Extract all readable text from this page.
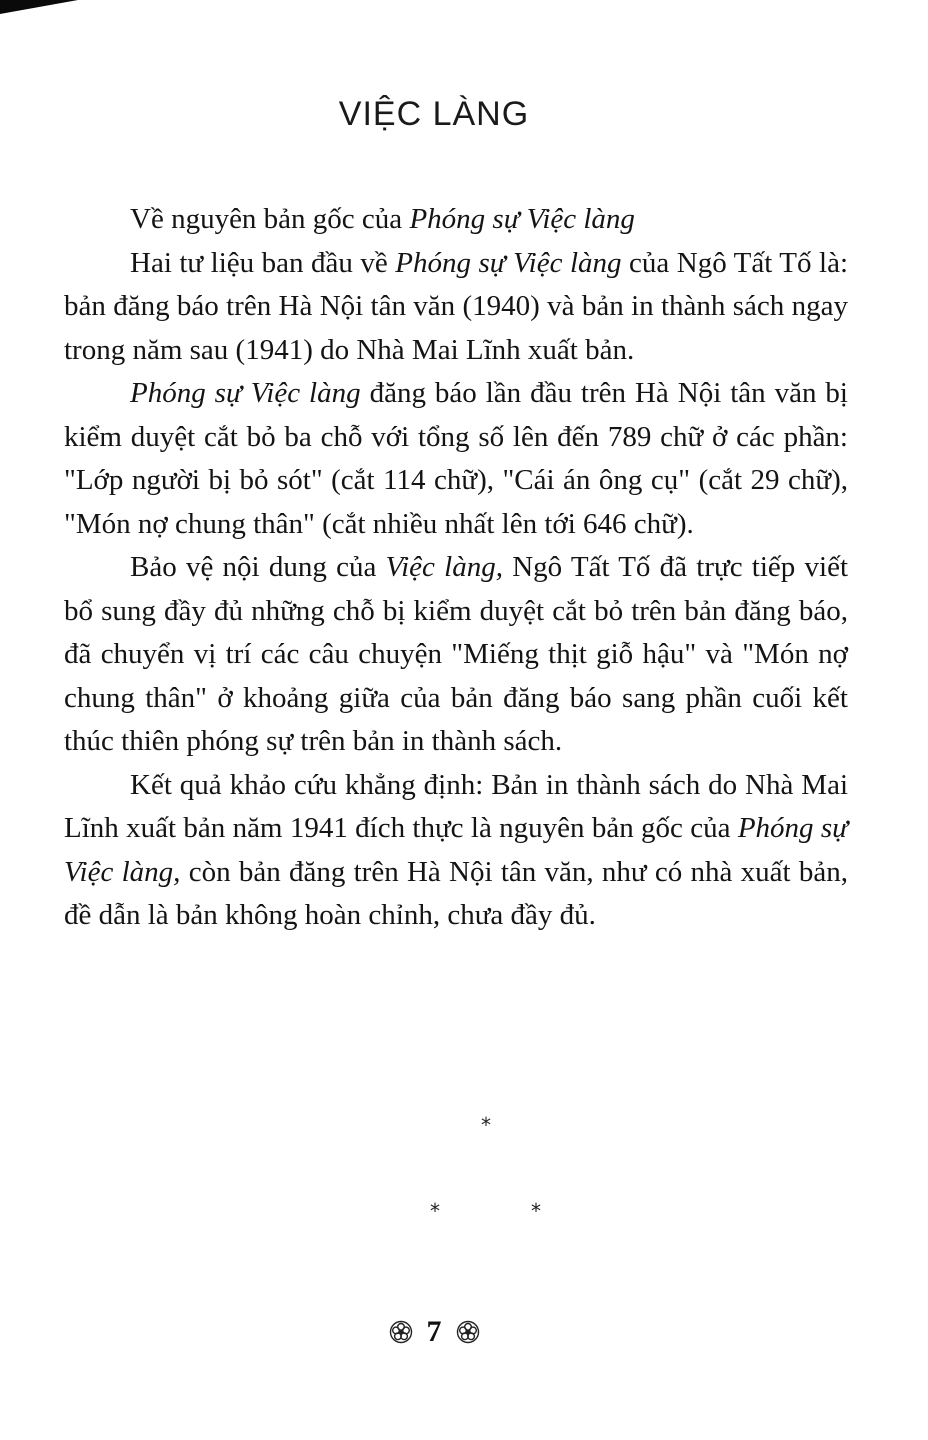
VIỆC LÀNG

Về nguyên bản gốc của Phóng sự Việc làng

Hai tư liệu ban đầu về Phóng sự Việc làng của Ngô Tất Tố là: bản đăng báo trên Hà Nội tân văn (1940) và bản in thành sách ngay trong năm sau (1941) do Nhà Mai Lĩnh xuất bản.

Phóng sự Việc làng đăng báo lần đầu trên Hà Nội tân văn bị kiểm duyệt cắt bỏ ba chỗ với tổng số lên đến 789 chữ ở các phần: "Lớp người bị bỏ sót" (cắt 114 chữ), "Cái án ông cụ" (cắt 29 chữ), "Món nợ chung thân" (cắt nhiều nhất lên tới 646 chữ).

Bảo vệ nội dung của Việc làng, Ngô Tất Tố đã trực tiếp viết bổ sung đầy đủ những chỗ bị kiểm duyệt cắt bỏ trên bản đăng báo, đã chuyển vị trí các câu chuyện "Miếng thịt giỗ hậu" và "Món nợ chung thân" ở khoảng giữa của bản đăng báo sang phần cuối kết thúc thiên phóng sự trên bản in thành sách.

Kết quả khảo cứu khẳng định: Bản in thành sách do Nhà Mai Lĩnh xuất bản năm 1941 đích thực là nguyên bản gốc của Phóng sự Việc làng, còn bản đăng trên Hà Nội tân văn, như có nhà xuất bản, đề dẫn là bản không hoàn chỉnh, chưa đầy đủ.

*
*	*
7
